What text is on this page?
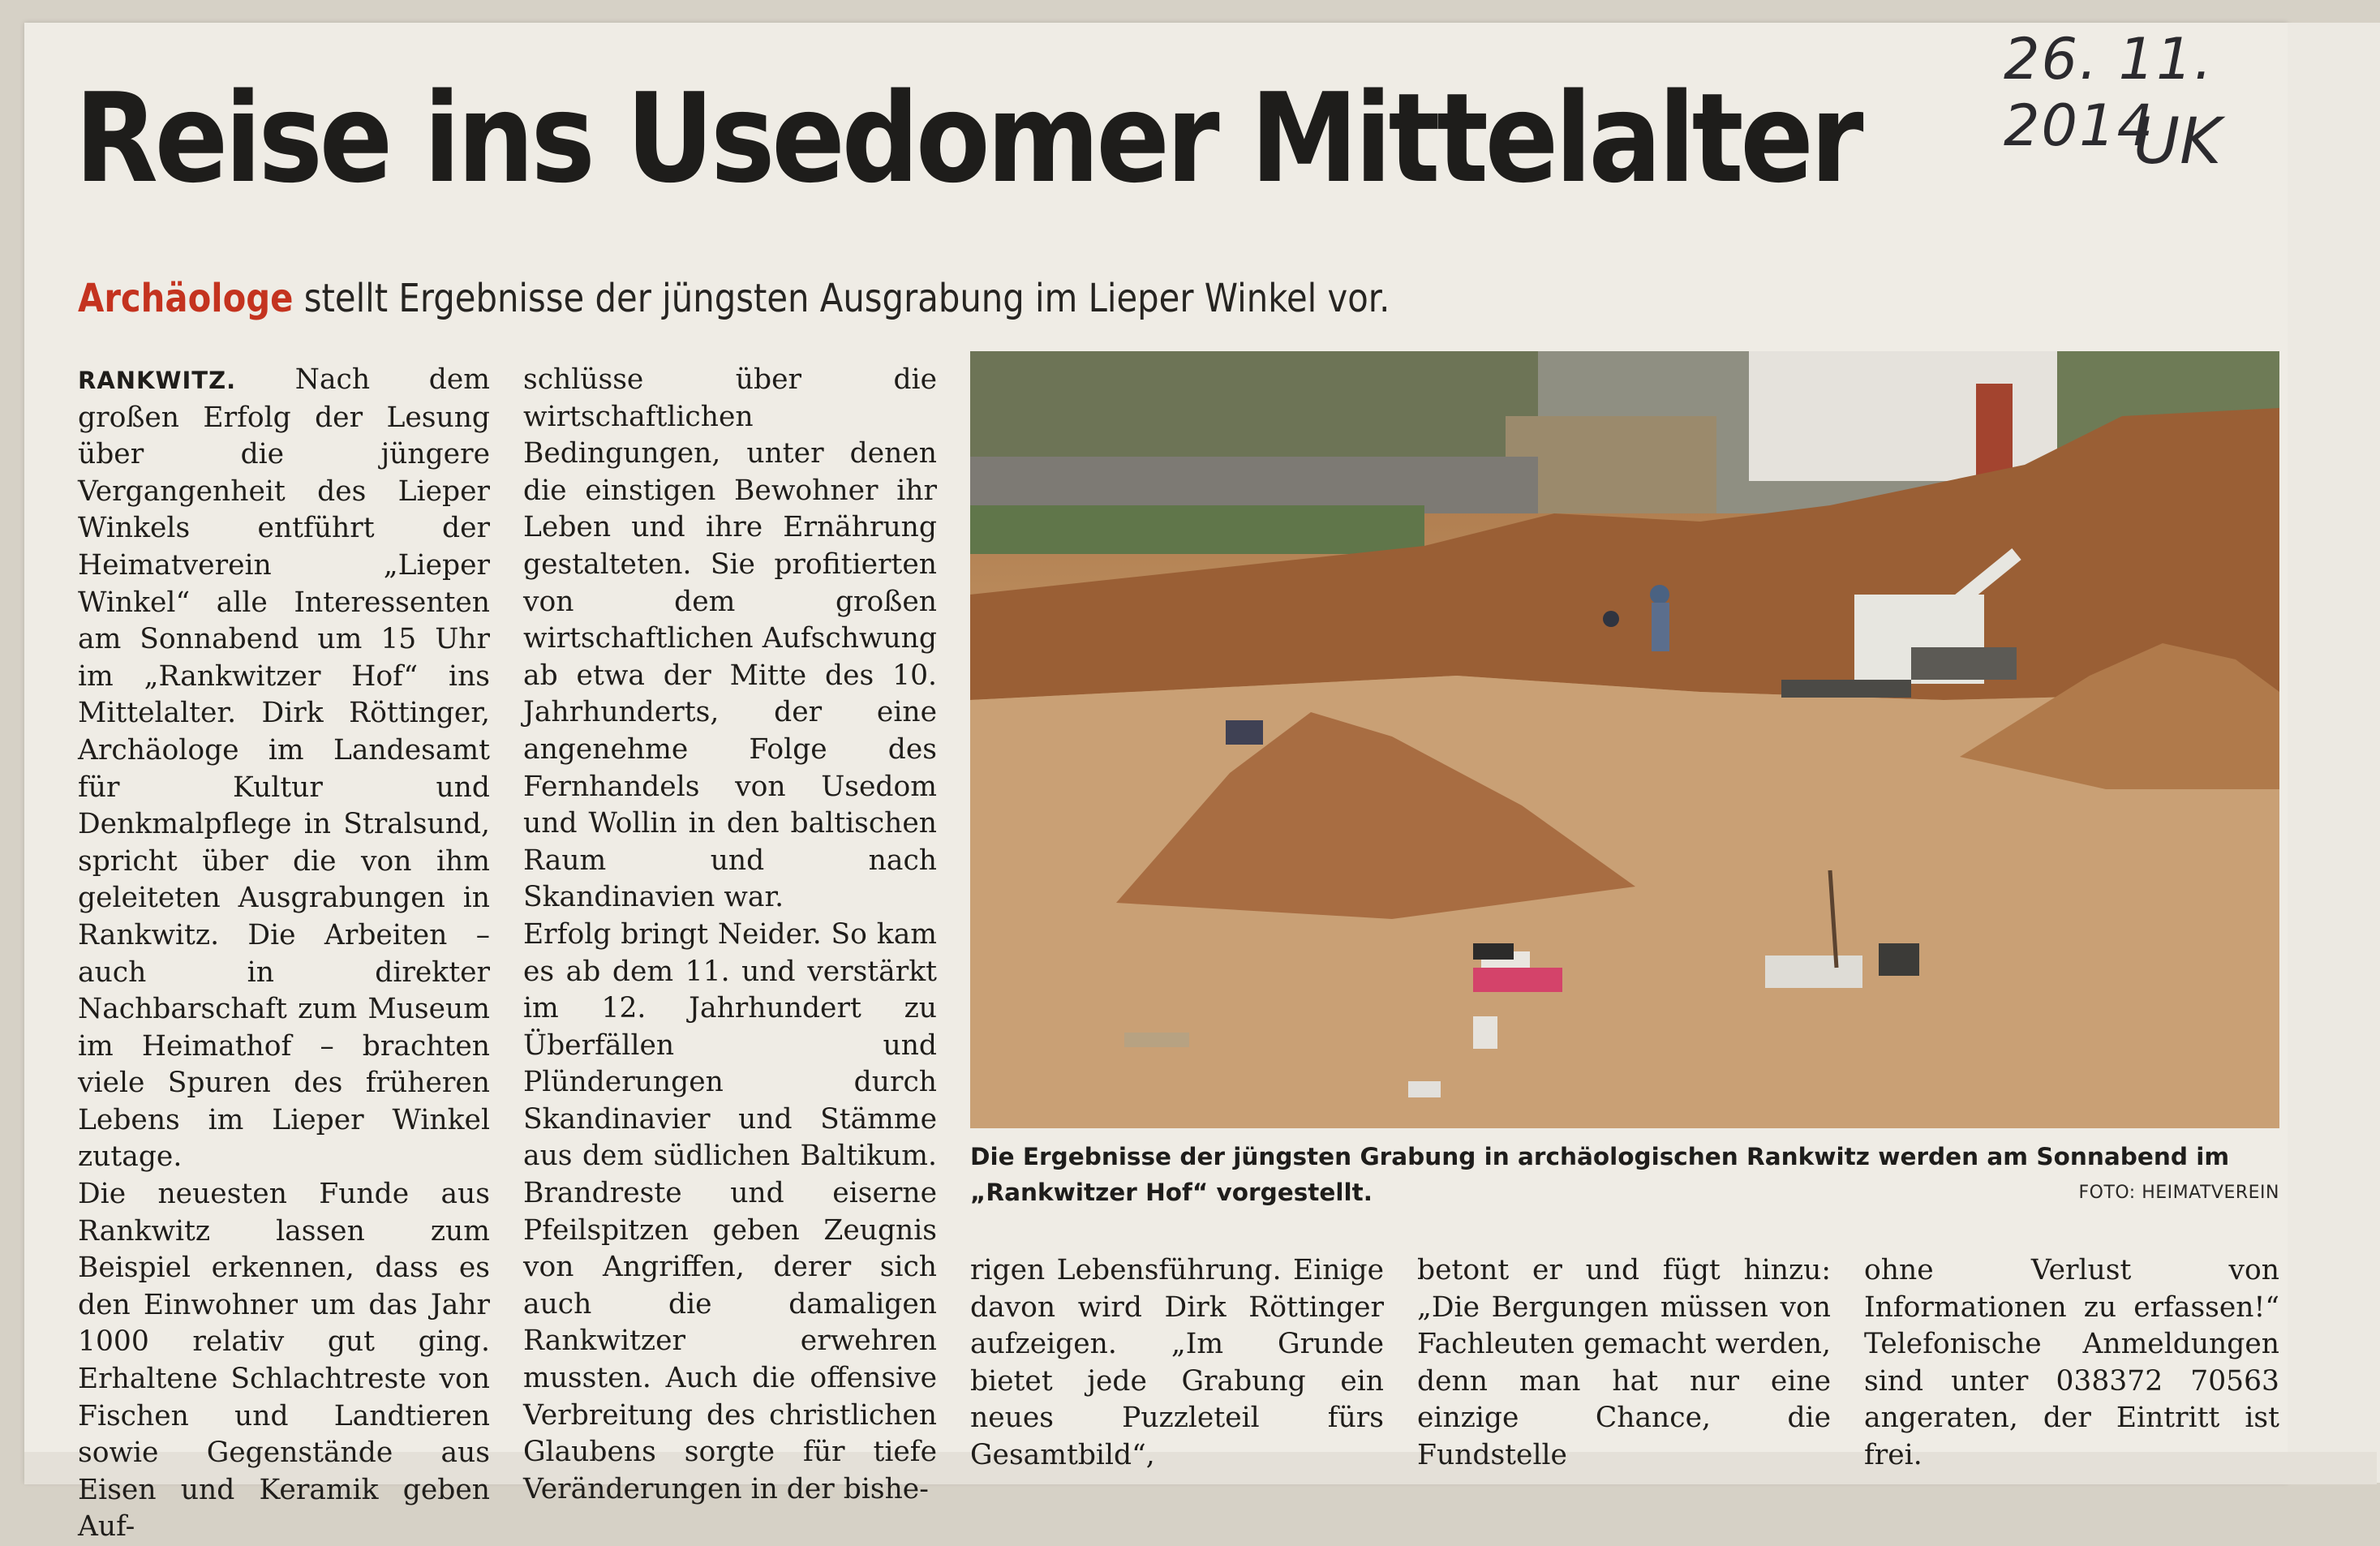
26. 11. 2014
UK
Reise ins Usedomer Mittelalter
Archäologe stellt Ergebnisse der jüngsten Ausgrabung im Lieper Winkel vor.

RANKWITZ. Nach dem großen Erfolg der Lesung über die jüngere Vergangenheit des Lieper Winkels entführt der Heimatverein „Lieper Winkel“ alle Interessenten am Sonnabend um 15 Uhr im „Rankwitzer Hof“ ins Mittelalter. Dirk Röttinger, Archäologe im Landesamt für Kultur und Denkmalpflege in Stralsund, spricht über die von ihm geleiteten Ausgrabungen in Rankwitz. Die Arbeiten – auch in direkter Nachbarschaft zum Museum im Heimathof – brachten viele Spuren des früheren Lebens im Lieper Winkel zutage.

Die neuesten Funde aus Rankwitz lassen zum Beispiel erkennen, dass es den Einwohner um das Jahr 1000 relativ gut ging. Erhaltene Schlachtreste von Fischen und Landtieren sowie Gegenstände aus Eisen und Keramik geben Auf-

schlüsse über die wirtschaftlichen Bedingungen, unter denen die einstigen Bewohner ihr Leben und ihre Ernährung gestalteten. Sie profitierten von dem großen wirtschaftlichen Aufschwung ab etwa der Mitte des 10. Jahrhunderts, der eine angenehme Folge des Fernhandels von Usedom und Wollin in den baltischen Raum und nach Skandinavien war.

Erfolg bringt Neider. So kam es ab dem 11. und verstärkt im 12. Jahrhundert zu Überfällen und Plünderungen durch Skandinavier und Stämme aus dem südlichen Baltikum. Brandreste und eiserne Pfeilspitzen geben Zeugnis von Angriffen, derer sich auch die damaligen Rankwitzer erwehren mussten. Auch die offensive Verbreitung des christlichen Glaubens sorgte für tiefe Veränderungen in der bishe-

Die Ergebnisse der jüngsten Grabung in archäologischen Rankwitz werden am Sonnabend im „Rankwitzer Hof“ vorgestellt.	FOTO: HEIMATVEREIN

rigen Lebensführung. Einige davon wird Dirk Röttinger aufzeigen. „Im Grunde bietet jede Grabung ein neues Puzzleteil fürs Gesamtbild“,

betont er und fügt hinzu: „Die Bergungen müssen von Fachleuten gemacht werden, denn man hat nur eine einzige Chance, die Fundstelle

ohne Verlust von Informationen zu erfassen!“ Telefonische Anmeldungen sind unter 038372 70563 angeraten, der Eintritt ist frei.
